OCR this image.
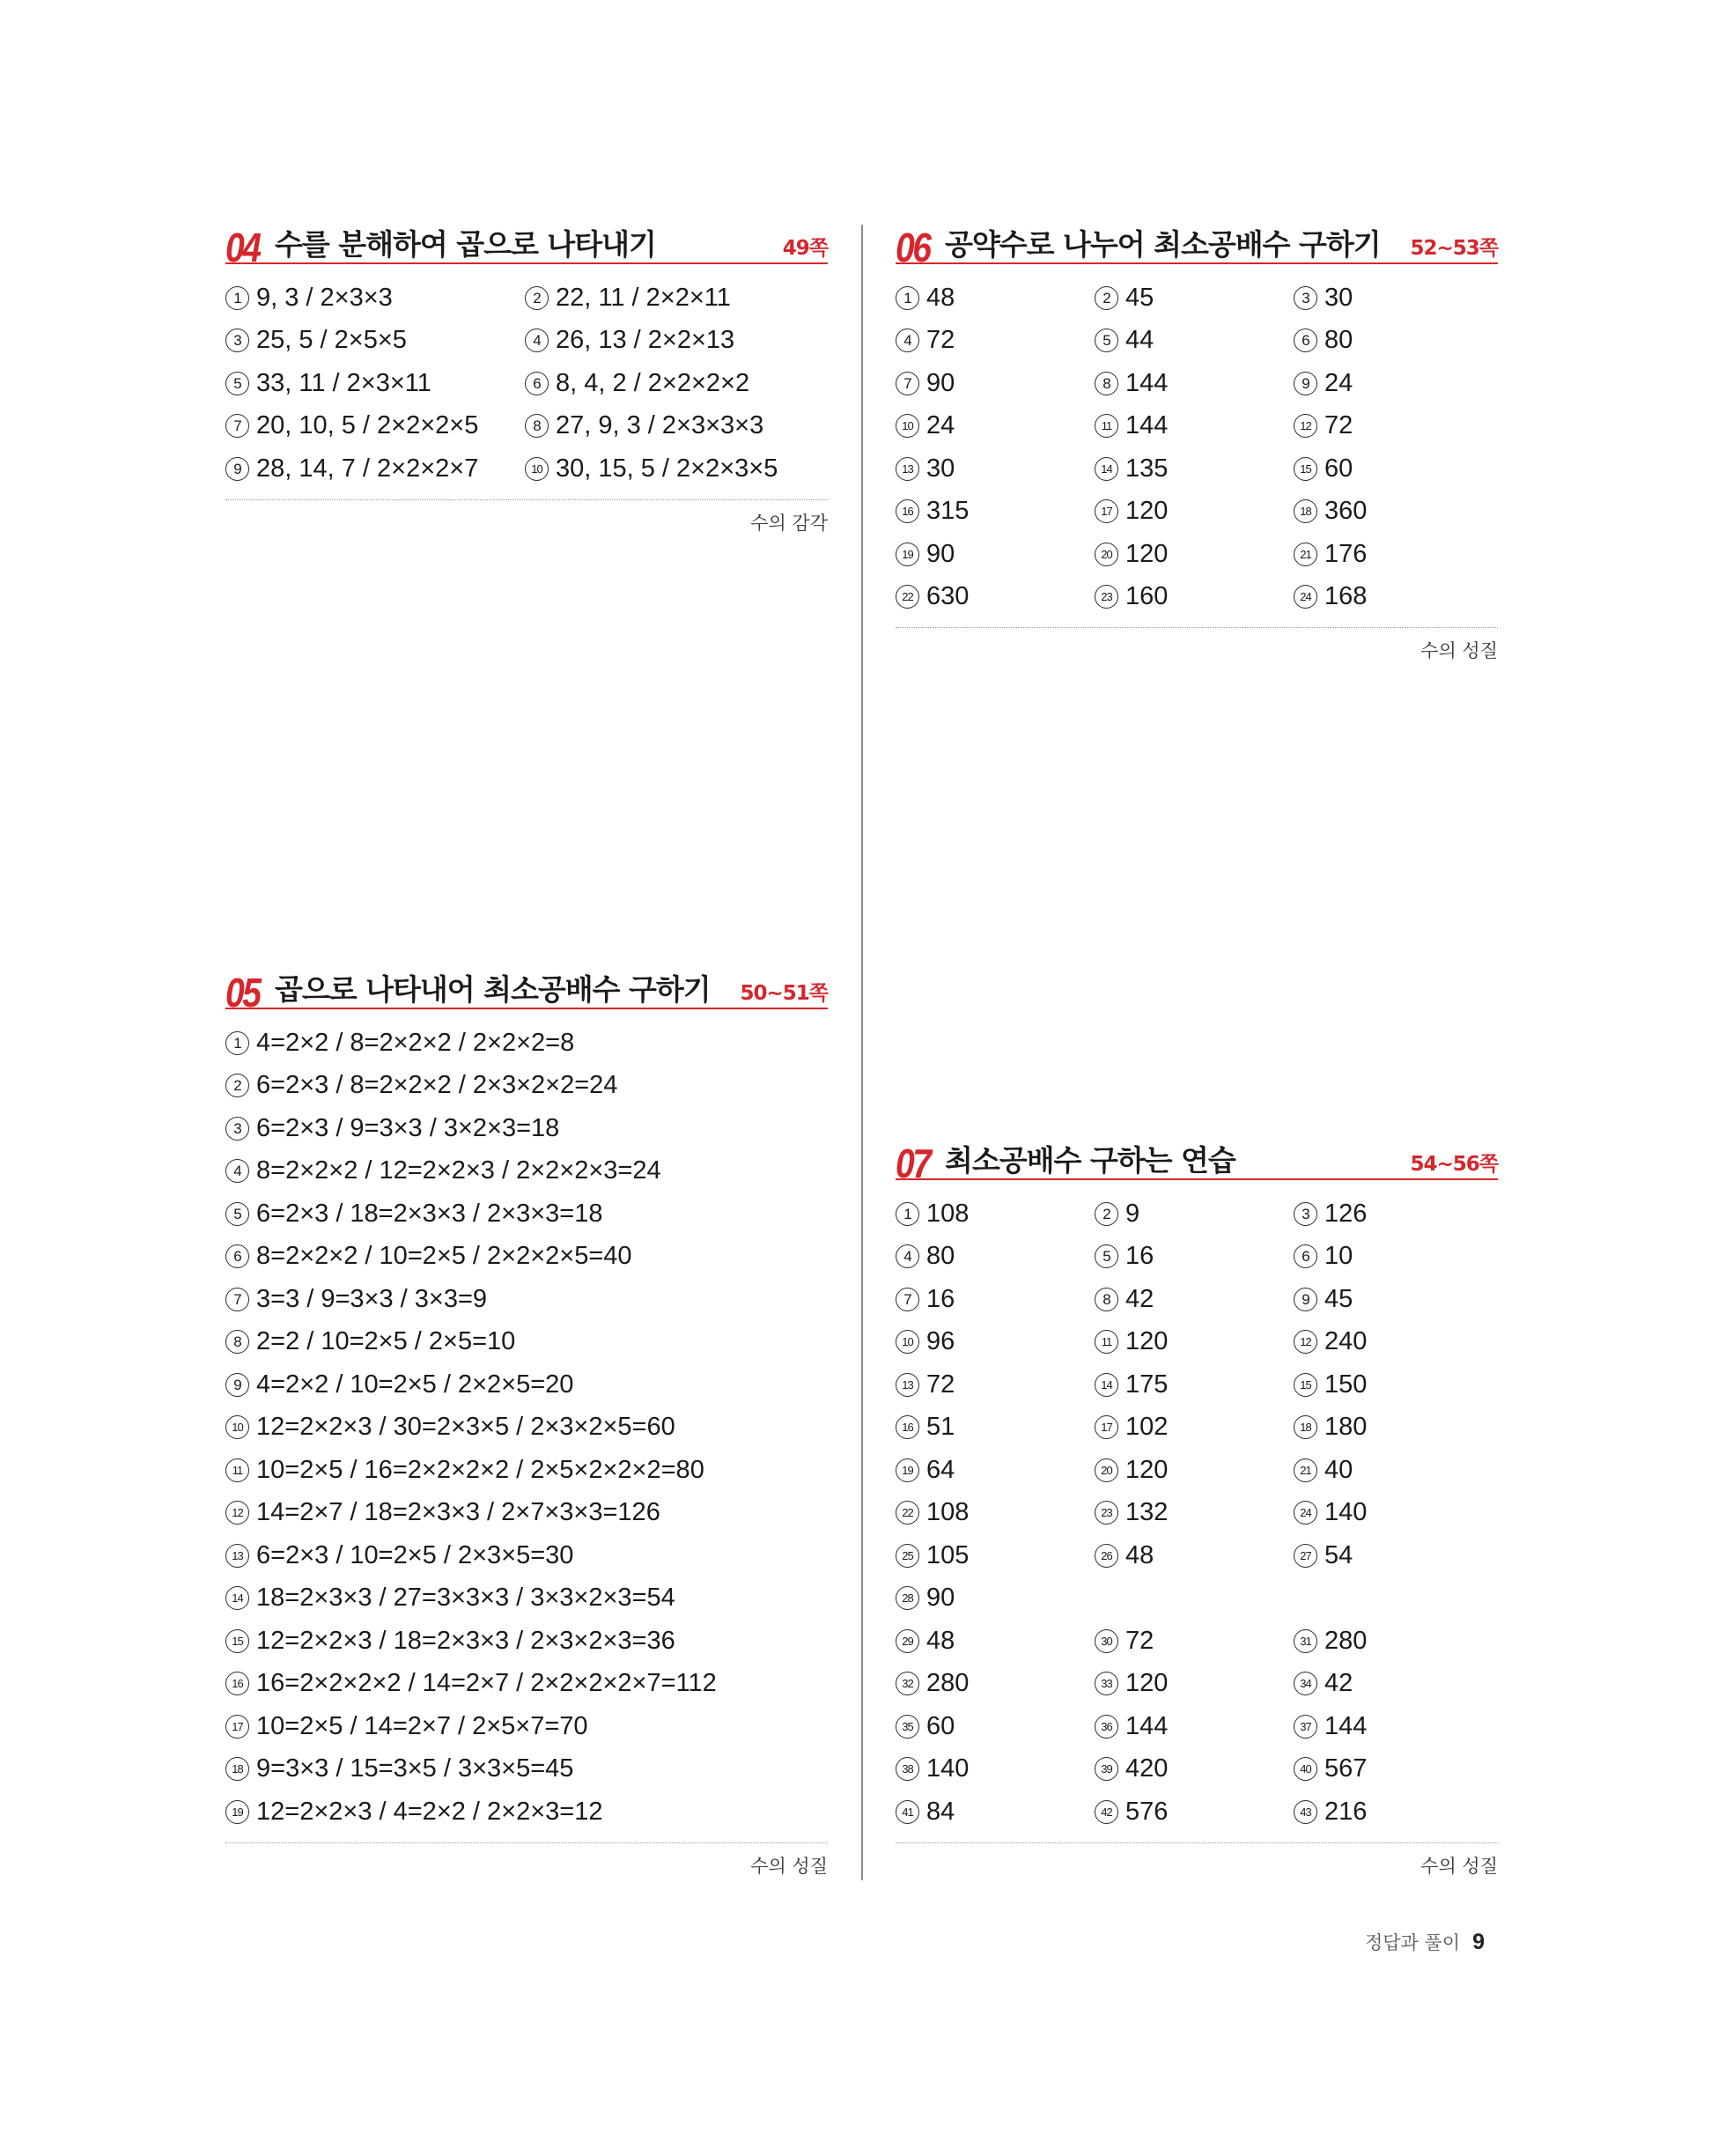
04 수를 분해하여 곱으로 나타내기	49쪽
1 9, 3 / 2×3×3	2 22, 11 / 2×2×11
3 25, 5 / 2×5×5	4 26, 13 / 2×2×13
5 33, 11 / 2×3×11	6 8, 4, 2 / 2×2×2×2
7 20, 10, 5 / 2×2×2×5	8 27, 9, 3 / 2×3×3×3
9 28, 14, 7 / 2×2×2×7	10 30, 15, 5 / 2×2×3×5
수의 감각
05 곱으로 나타내어 최소공배수 구하기 50~51쪽
1 4=2×2 / 8=2×2×2 / 2×2×2=8
2 6=2×3 / 8=2×2×2 / 2×3×2×2=24
3 6=2×3 / 9=3×3 / 3×2×3=18
4 8=2×2×2 / 12=2×2×3 / 2×2×2×3=24
5 6=2×3 / 18=2×3×3 / 2×3×3=18
6 8=2×2×2 / 10=2×5 / 2×2×2×5=40
7 3=3 / 9=3×3 / 3×3=9
8 2=2 / 10=2×5 / 2×5=10
9 4=2×2 / 10=2×5 / 2×2×5=20
10 12=2×2×3 / 30=2×3×5 / 2×3×2×5=60
11 10=2×5 / 16=2×2×2×2 / 2×5×2×2×2=80
12 14=2×7 / 18=2×3×3 / 2×7×3×3=126
13 6=2×3 / 10=2×5 / 2×3×5=30
14 18=2×3×3 / 27=3×3×3 / 3×3×2×3=54
15 12=2×2×3 / 18=2×3×3 / 2×3×2×3=36
16 16=2×2×2×2 / 14=2×7 / 2×2×2×2×7=112
17 10=2×5 / 14=2×7 / 2×5×7=70
18 9=3×3 / 15=3×5 / 3×3×5=45
19 12=2×2×3 / 4=2×2 / 2×2×3=12
수의 성질
06 공약수로 나누어 최소공배수 구하기 52~53쪽
1 48	2 45	3 30
4 72	5 44	6 80
7 90	8 144	9 24
10 24	11 144	12 72
13 30	14 135	15 60
16 315	17 120	18 360
19 90	20 120	21 176
22 630	23 160	24 168
수의 성질
07 최소공배수 구하는 연습	54~56쪽
1 108	2 9	3 126
4 80	5 16	6 10
7 16	8 42	9 45
10 96	11 120	12 240
13 72	14 175	15 150
16 51	17 102	18 180
19 64	20 120	21 40
22 108	23 132	24 140
25 105	26 48	27 54
28 90
29 48	30 72	31 280
32 280	33 120	34 42
35 60	36 144	37 144
38 140	39 420	40 567
41 84	42 576	43 216
수의 성질
정답과 풀이 9
